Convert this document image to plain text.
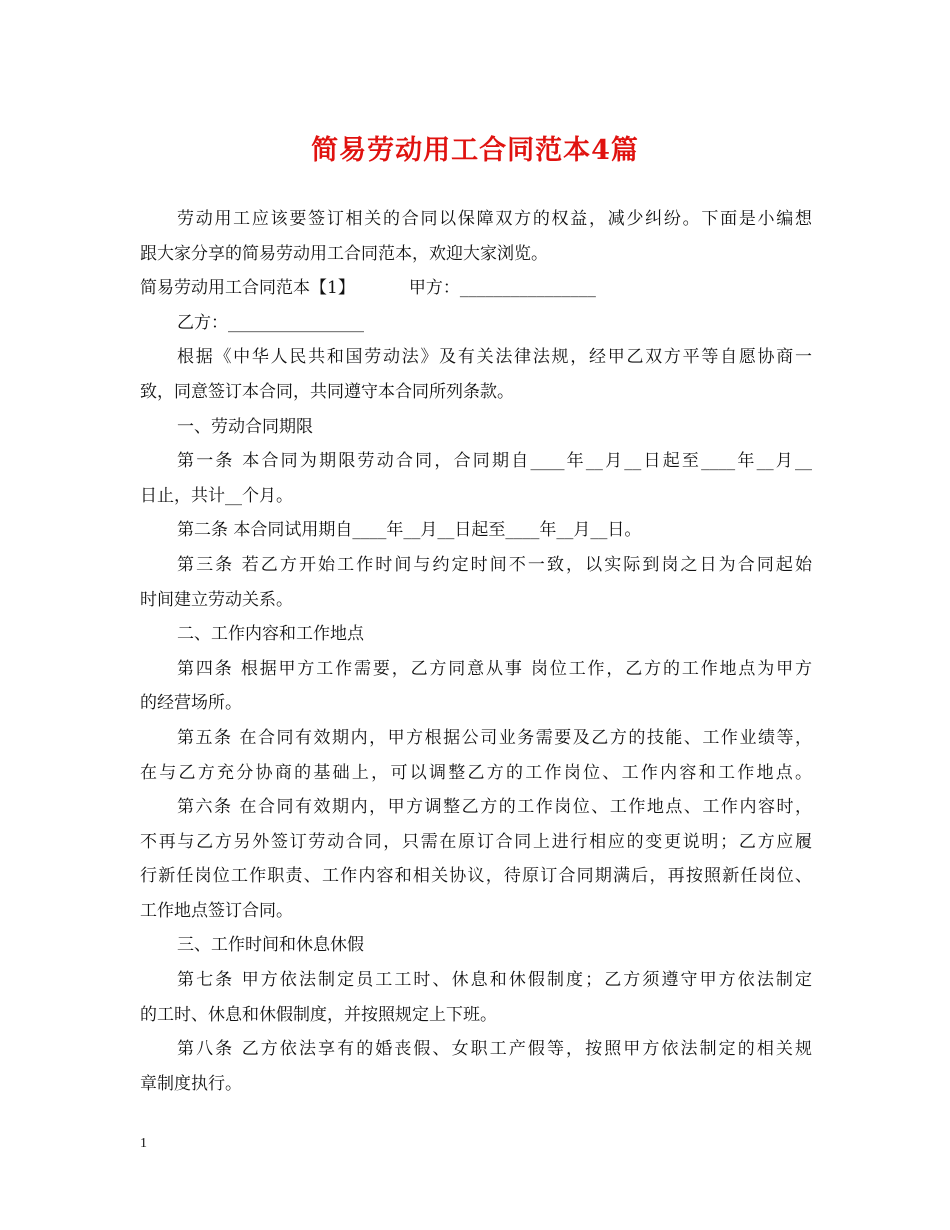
简易劳动用工合同范本4篇
劳动用工应该要签订相关的合同以保障双方的权益，减少纠纷。下面是小编想
跟大家分享的简易劳动用工合同范本，欢迎大家浏览。
简易劳动用工合同范本【1】	甲方：________________
乙方：________________
根据《中华人民共和国劳动法》及有关法律法规，经甲乙双方平等自愿协商一
致，同意签订本合同，共同遵守本合同所列条款。
一、劳动合同期限
第一条 本合同为期限劳动合同，合同期自____年__月__日起至____年__月__
日止，共计__个月。
第二条 本合同试用期自____年__月__日起至____年__月__日。
第三条 若乙方开始工作时间与约定时间不一致，以实际到岗之日为合同起始
时间建立劳动关系。
二、工作内容和工作地点
第四条 根据甲方工作需要，乙方同意从事 岗位工作，乙方的工作地点为甲方
的经营场所。
第五条 在合同有效期内，甲方根据公司业务需要及乙方的技能、工作业绩等，
在与乙方充分协商的基础上，可以调整乙方的工作岗位、工作内容和工作地点。
第六条 在合同有效期内，甲方调整乙方的工作岗位、工作地点、工作内容时，
不再与乙方另外签订劳动合同，只需在原订合同上进行相应的变更说明；乙方应履
行新任岗位工作职责、工作内容和相关协议，待原订合同期满后，再按照新任岗位、
工作地点签订合同。
三、工作时间和休息休假
第七条 甲方依法制定员工工时、休息和休假制度；乙方须遵守甲方依法制定
的工时、休息和休假制度，并按照规定上下班。
第八条 乙方依法享有的婚丧假、女职工产假等，按照甲方依法制定的相关规
章制度执行。
1
